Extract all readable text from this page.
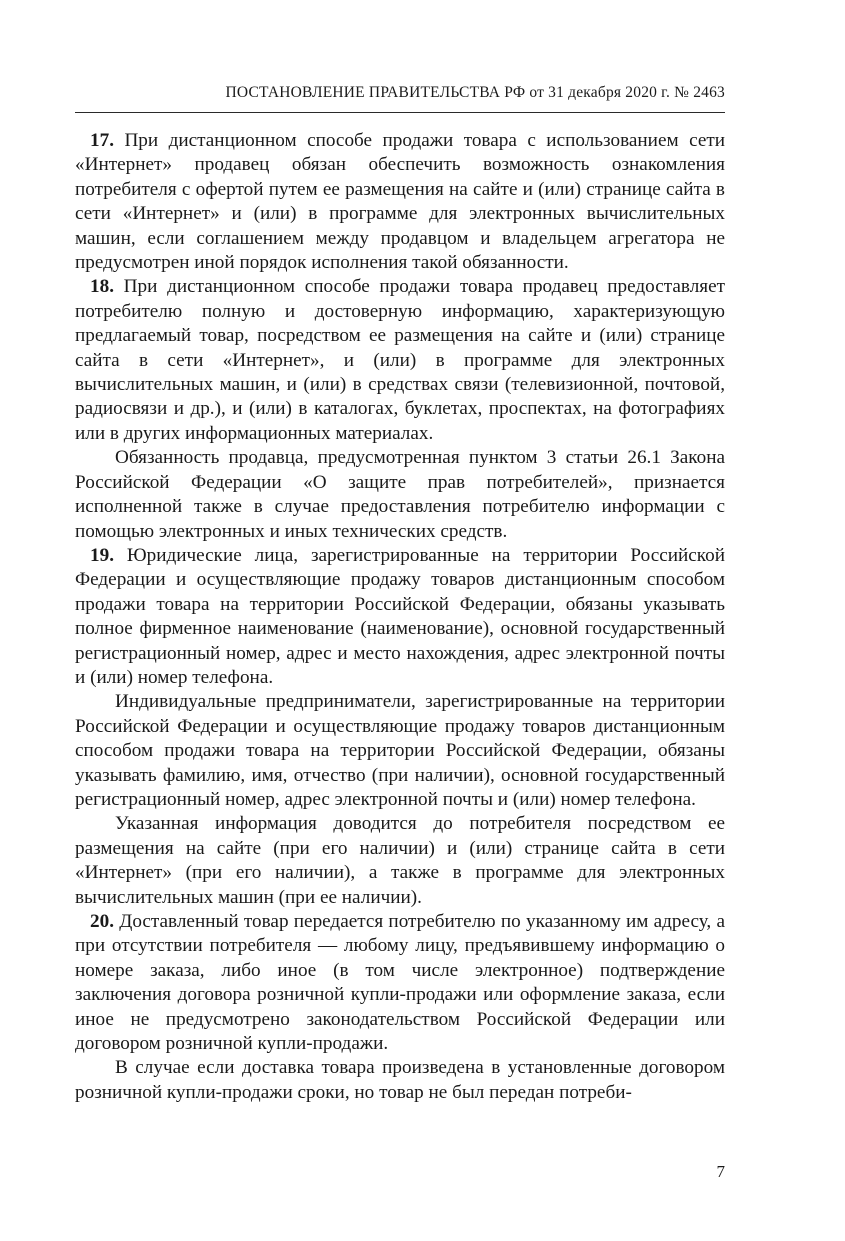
ПОСТАНОВЛЕНИЕ ПРАВИТЕЛЬСТВА РФ от 31 декабря 2020 г. № 2463

17. При дистанционном способе продажи товара с использованием сети «Интернет» продавец обязан обеспечить возможность ознакомления потребителя с офертой путем ее размещения на сайте и (или) странице сайта в сети «Интернет» и (или) в программе для электронных вычислительных машин, если соглашением между продавцом и владельцем агрегатора не предусмотрен иной порядок исполнения такой обязанности.

18. При дистанционном способе продажи товара продавец предоставляет потребителю полную и достоверную информацию, характеризующую предлагаемый товар, посредством ее размещения на сайте и (или) странице сайта в сети «Интернет», и (или) в программе для электронных вычислительных машин, и (или) в средствах связи (телевизионной, почтовой, радиосвязи и др.), и (или) в каталогах, буклетах, проспектах, на фотографиях или в других информационных материалах.

Обязанность продавца, предусмотренная пунктом 3 статьи 26.1 Закона Российской Федерации «О защите прав потребителей», признается исполненной также в случае предоставления потребителю информации с помощью электронных и иных технических средств.

19. Юридические лица, зарегистрированные на территории Российской Федерации и осуществляющие продажу товаров дистанционным способом продажи товара на территории Российской Федерации, обязаны указывать полное фирменное наименование (наименование), основной государственный регистрационный номер, адрес и место нахождения, адрес электронной почты и (или) номер телефона.

Индивидуальные предприниматели, зарегистрированные на территории Российской Федерации и осуществляющие продажу товаров дистанционным способом продажи товара на территории Российской Федерации, обязаны указывать фамилию, имя, отчество (при наличии), основной государственный регистрационный номер, адрес электронной почты и (или) номер телефона.

Указанная информация доводится до потребителя посредством ее размещения на сайте (при его наличии) и (или) странице сайта в сети «Интернет» (при его наличии), а также в программе для электронных вычислительных машин (при ее наличии).

20. Доставленный товар передается потребителю по указанному им адресу, а при отсутствии потребителя — любому лицу, предъявившему информацию о номере заказа, либо иное (в том числе электронное) подтверждение заключения договора розничной купли-продажи или оформление заказа, если иное не предусмотрено законодательством Российской Федерации или договором розничной купли-продажи.

В случае если доставка товара произведена в установленные договором розничной купли-продажи сроки, но товар не был передан потреби-

7
